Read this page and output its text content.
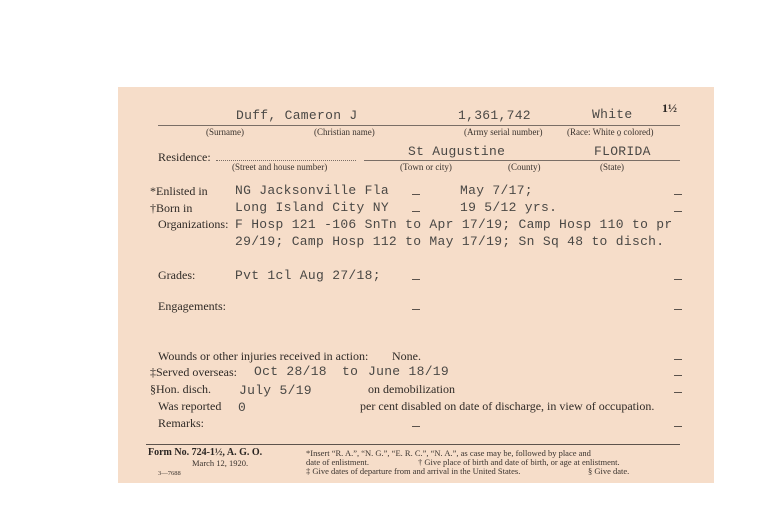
Duff, Cameron J	1,361,742	White 1½
(Surname)	(Christian name)	(Army serial number)	(Race: White o̱ colored)
Residence:	St Augustine	FLORIDA
(Street and house number)	(Town or city)	(County)	(State)
*Enlisted in NG Jacksonville Fla	May 7/17;
†Born in	Long Island City NY	19 5/12 yrs.
Organizations: F Hosp 121 -106 SnTn to Apr 17/19; Camp Hosp 110 to pr
29/19; Camp Hosp 112 to May 17/19; Sn Sq 48 to disch.
Grades:	Pvt 1cl Aug 27/18;
Engagements:
Wounds or other injuries received in action: None.
‡Served overseas: Oct 28/18 to June 18/19
§Hon. disch. July 5/19	on demobilization
Was reported 0	per cent disabled on date of discharge, in view of occupation.
Remarks:
Form No. 724-1½, A. G. O.
March 12, 1920.
3—7688
*Insert “R. A.”, “N. G.”, “E. R. C.”, “N. A.”, as case may be, followed by place and
date of enlistment.	† Give place of birth and date of birth, or age at enlistment.
‡ Give dates of departure from and arrival in the United States.	§ Give date.
